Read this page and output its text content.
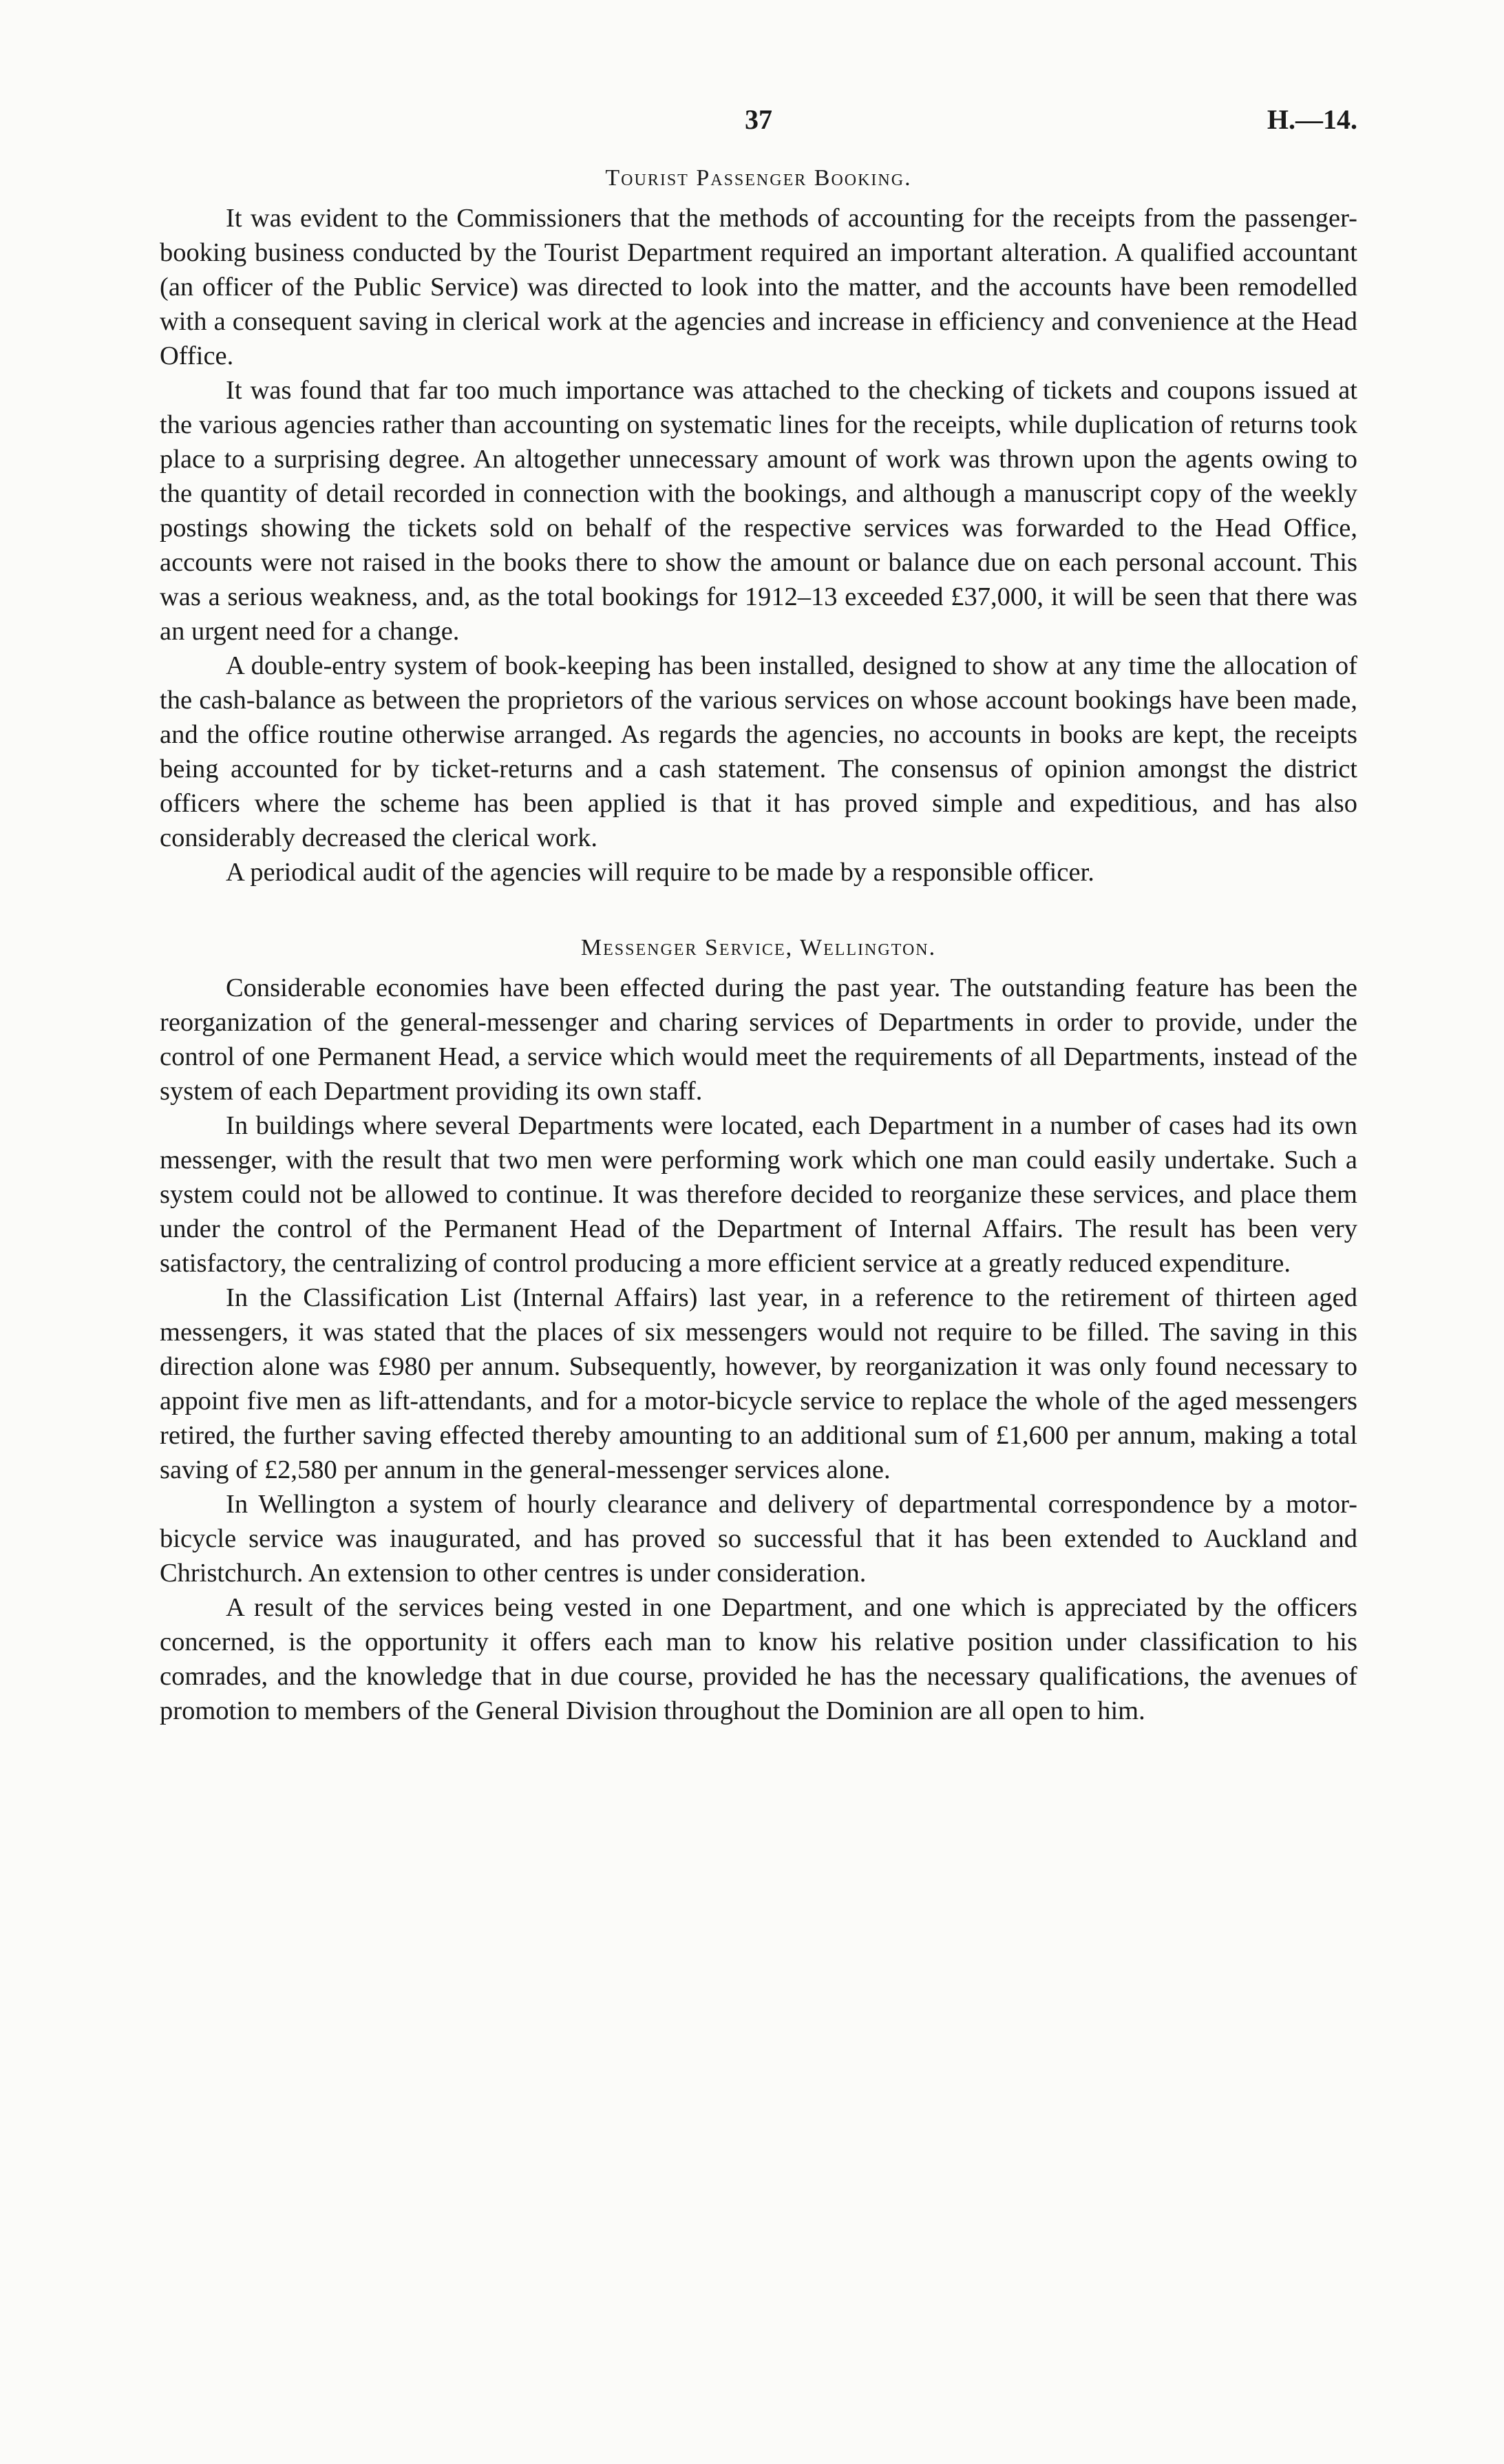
37	H.—14.
Tourist Passenger Booking.

It was evident to the Commissioners that the methods of accounting for the receipts from the passenger-booking business conducted by the Tourist Department required an important alteration. A qualified accountant (an officer of the Public Service) was directed to look into the matter, and the accounts have been remodelled with a consequent saving in clerical work at the agencies and increase in efficiency and convenience at the Head Office.

It was found that far too much importance was attached to the checking of tickets and coupons issued at the various agencies rather than accounting on systematic lines for the receipts, while duplication of returns took place to a surprising degree. An altogether unnecessary amount of work was thrown upon the agents owing to the quantity of detail recorded in connection with the bookings, and although a manuscript copy of the weekly postings showing the tickets sold on behalf of the respective services was forwarded to the Head Office, accounts were not raised in the books there to show the amount or balance due on each personal account. This was a serious weakness, and, as the total bookings for 1912–13 exceeded £37,000, it will be seen that there was an urgent need for a change.

A double-entry system of book-keeping has been installed, designed to show at any time the allocation of the cash-balance as between the proprietors of the various services on whose account bookings have been made, and the office routine otherwise arranged. As regards the agencies, no accounts in books are kept, the receipts being accounted for by ticket-returns and a cash statement. The consensus of opinion amongst the district officers where the scheme has been applied is that it has proved simple and expeditious, and has also considerably decreased the clerical work.

A periodical audit of the agencies will require to be made by a responsible officer.

Messenger Service, Wellington.

Considerable economies have been effected during the past year. The outstanding feature has been the reorganization of the general-messenger and charing services of Departments in order to provide, under the control of one Permanent Head, a service which would meet the requirements of all Departments, instead of the system of each Department providing its own staff.

In buildings where several Departments were located, each Department in a number of cases had its own messenger, with the result that two men were performing work which one man could easily undertake. Such a system could not be allowed to continue. It was therefore decided to reorganize these services, and place them under the control of the Permanent Head of the Department of Internal Affairs. The result has been very satisfactory, the centralizing of control producing a more efficient service at a greatly reduced expenditure.

In the Classification List (Internal Affairs) last year, in a reference to the retirement of thirteen aged messengers, it was stated that the places of six messengers would not require to be filled. The saving in this direction alone was £980 per annum. Subsequently, however, by reorganization it was only found necessary to appoint five men as lift-attendants, and for a motor-bicycle service to replace the whole of the aged messengers retired, the further saving effected thereby amounting to an additional sum of £1,600 per annum, making a total saving of £2,580 per annum in the general-messenger services alone.

In Wellington a system of hourly clearance and delivery of departmental correspondence by a motor-bicycle service was inaugurated, and has proved so successful that it has been extended to Auckland and Christchurch. An extension to other centres is under consideration.

A result of the services being vested in one Department, and one which is appreciated by the officers concerned, is the opportunity it offers each man to know his relative position under classification to his comrades, and the knowledge that in due course, provided he has the necessary qualifications, the avenues of promotion to members of the General Division throughout the Dominion are all open to him.
